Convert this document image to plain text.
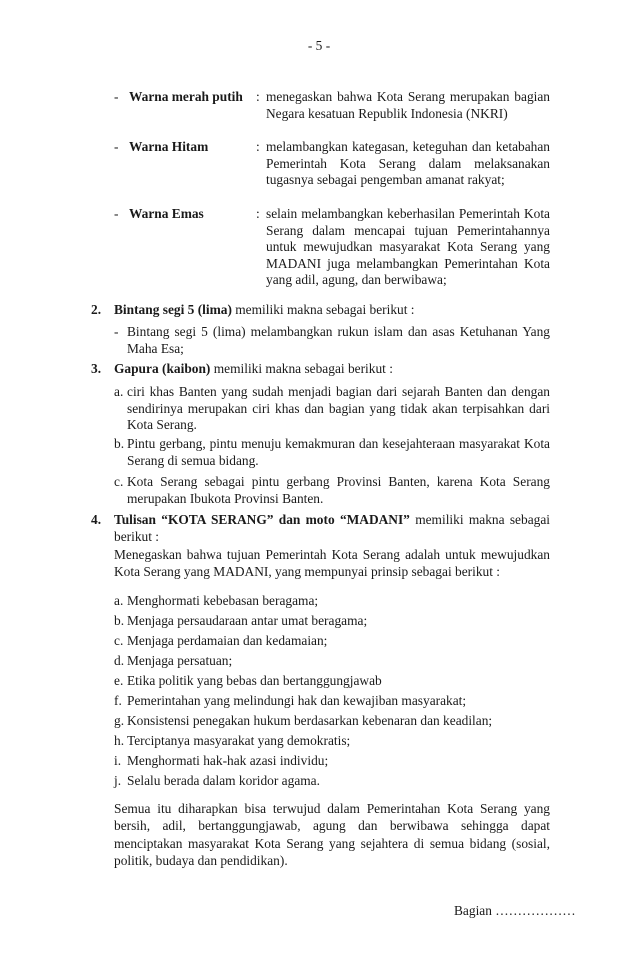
- 5 -
- Warna merah putih : menegaskan bahwa Kota Serang merupakan bagian Negara kesatuan Republik Indonesia (NKRI)
- Warna Hitam	: melambangkan kategasan, keteguhan dan ketabahan Pemerintah Kota Serang dalam melaksanakan tugasnya sebagai pengemban amanat rakyat;
- Warna Emas	: selain melambangkan keberhasilan Pemerintah Kota Serang dalam mencapai tujuan Pemerintahannya untuk mewujudkan masyarakat Kota Serang yang MADANI juga melambangkan Pemerintahan Kota yang adil, agung, dan berwibawa;
2. Bintang segi 5 (lima) memiliki makna sebagai berikut :
- Bintang segi 5 (lima) melambangkan rukun islam dan asas Ketuhanan Yang Maha Esa;
3. Gapura (kaibon) memiliki makna sebagai berikut :
a. ciri khas Banten yang sudah menjadi bagian dari sejarah Banten dan dengan sendirinya merupakan ciri khas dan bagian yang tidak akan terpisahkan dari Kota Serang.
b. Pintu gerbang, pintu menuju kemakmuran dan kesejahteraan masyarakat Kota Serang di semua bidang.
c. Kota Serang sebagai pintu gerbang Provinsi Banten, karena Kota Serang merupakan Ibukota Provinsi Banten.
4. Tulisan “KOTA SERANG” dan moto “MADANI” memiliki makna sebagai berikut :
Menegaskan bahwa tujuan Pemerintah Kota Serang adalah untuk mewujudkan Kota Serang yang MADANI, yang mempunyai prinsip sebagai berikut :
a. Menghormati kebebasan beragama;
b. Menjaga persaudaraan antar umat beragama;
c. Menjaga perdamaian dan kedamaian;
d. Menjaga persatuan;
e. Etika politik yang bebas dan bertanggungjawab
f. Pemerintahan yang melindungi hak dan kewajiban masyarakat;
g. Konsistensi penegakan hukum berdasarkan kebenaran dan keadilan;
h. Terciptanya masyarakat yang demokratis;
i. Menghormati hak-hak azasi individu;
j. Selalu berada dalam koridor agama.
Semua itu diharapkan bisa terwujud dalam Pemerintahan Kota Serang yang bersih, adil, bertanggungjawab, agung dan berwibawa sehingga dapat menciptakan masyarakat Kota Serang yang sejahtera di semua bidang (sosial, politik, budaya dan pendidikan).
Bagian ………………
